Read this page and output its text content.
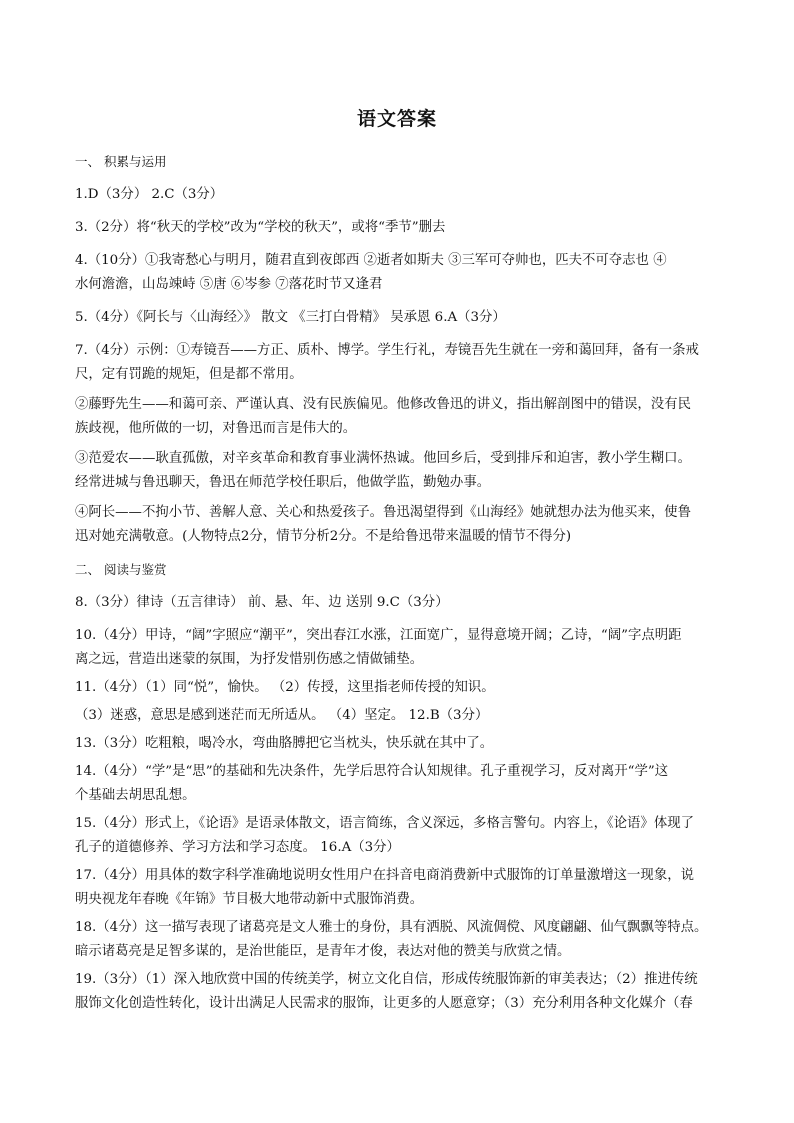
语文答案
一、 积累与运用
1.D（3分） 2.C（3分）
3.（2分）将“秋天的学校”改为“学校的秋天”，或将“季节”删去
4.（10分）①我寄愁心与明月，随君直到夜郎西 ②逝者如斯夫 ③三军可夺帅也，匹夫不可夺志也 ④
水何澹澹，山岛竦峙 ⑤唐 ⑥岑参 ⑦落花时节又逢君
5.（4分）《阿长与〈山海经〉》 散文 《三打白骨精》 吴承恩 6.A（3分）
7.（4分）示例：①寿镜吾——方正、质朴、博学。学生行礼，寿镜吾先生就在一旁和蔼回拜，备有一条戒
尺，定有罚跪的规矩，但是都不常用。
②藤野先生——和蔼可亲、严谨认真、没有民族偏见。他修改鲁迅的讲义，指出解剖图中的错误，没有民
族歧视，他所做的一切，对鲁迅而言是伟大的。
③范爱农——耿直孤傲，对辛亥革命和教育事业满怀热诚。他回乡后，受到排斥和迫害，教小学生糊口。
经常进城与鲁迅聊天，鲁迅在师范学校任职后，他做学监，勤勉办事。
④阿长——不拘小节、善解人意、关心和热爱孩子。鲁迅渴望得到《山海经》她就想办法为他买来，使鲁
迅对她充满敬意。(人物特点2分，情节分析2分。不是给鲁迅带来温暖的情节不得分)
二、 阅读与鉴赏
8.（3分）律诗（五言律诗） 前、悬、年、边 送别 9.C（3分）
10.（4分）甲诗，“阔”字照应“潮平”，突出春江水涨，江面宽广，显得意境开阔；乙诗，“阔”字点明距
离之远，营造出迷蒙的氛围，为抒发惜别伤感之情做铺垫。
11.（4分）（1）同“悦”，愉快。 （2）传授，这里指老师传授的知识。
（3）迷惑，意思是感到迷茫而无所适从。 （4）坚定。 12.B（3分）
13.（3分）吃粗粮，喝冷水，弯曲胳膊把它当枕头，快乐就在其中了。
14.（4分）“学”是“思”的基础和先决条件，先学后思符合认知规律。孔子重视学习，反对离开“学”这
个基础去胡思乱想。
15.（4分）形式上，《论语》是语录体散文，语言简练，含义深远，多格言警句。内容上，《论语》体现了
孔子的道德修养、学习方法和学习态度。 16.A（3分）
17.（4分）用具体的数字科学准确地说明女性用户在抖音电商消费新中式服饰的订单量激增这一现象，说
明央视龙年春晚《年锦》节目极大地带动新中式服饰消费。
18.（4分）这一描写表现了诸葛亮是文人雅士的身份，具有洒脱、风流倜傥、风度翩翩、仙气飘飘等特点。
暗示诸葛亮是足智多谋的，是治世能臣，是青年才俊，表达对他的赞美与欣赏之情。
19.（3分）（1）深入地欣赏中国的传统美学，树立文化自信，形成传统服饰新的审美表达；（2）推进传统
服饰文化创造性转化，设计出满足人民需求的服饰，让更多的人愿意穿；（3）充分利用各种文化媒介（春
